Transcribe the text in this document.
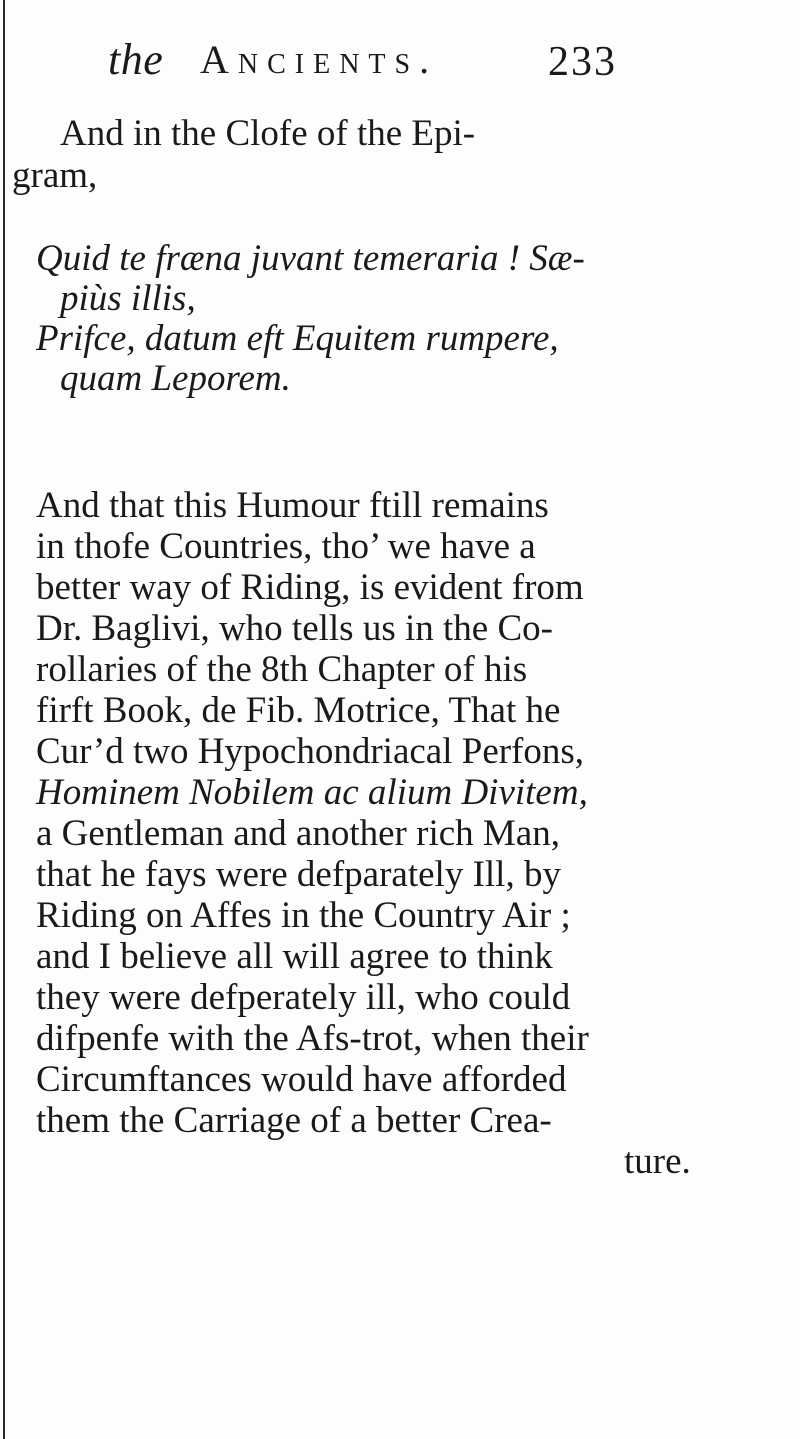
the Ancients.	233
And in the Clofe of the Epi-
gram,
Quid te fræna juvant temeraria ! Sæ-
piùs illis,
Prifce, datum eft Equitem rumpere,
quam Leporem.
And that this Humour ftill remains
in thofe Countries, tho’ we have a
better way of Riding, is evident from
Dr. Baglivi, who tells us in the Co-
rollaries of the 8th Chapter of his
firft Book, de Fib. Motrice, That he
Cur’d two Hypochondriacal Perfons,
Hominem Nobilem ac alium Divitem,
a Gentleman and another rich Man,
that he fays were defparately Ill, by
Riding on Affes in the Country Air ;
and I believe all will agree to think
they were defperately ill, who could
difpenfe with the Afs-trot, when their
Circumftances would have afforded
them the Carriage of a better Crea-
ture.
